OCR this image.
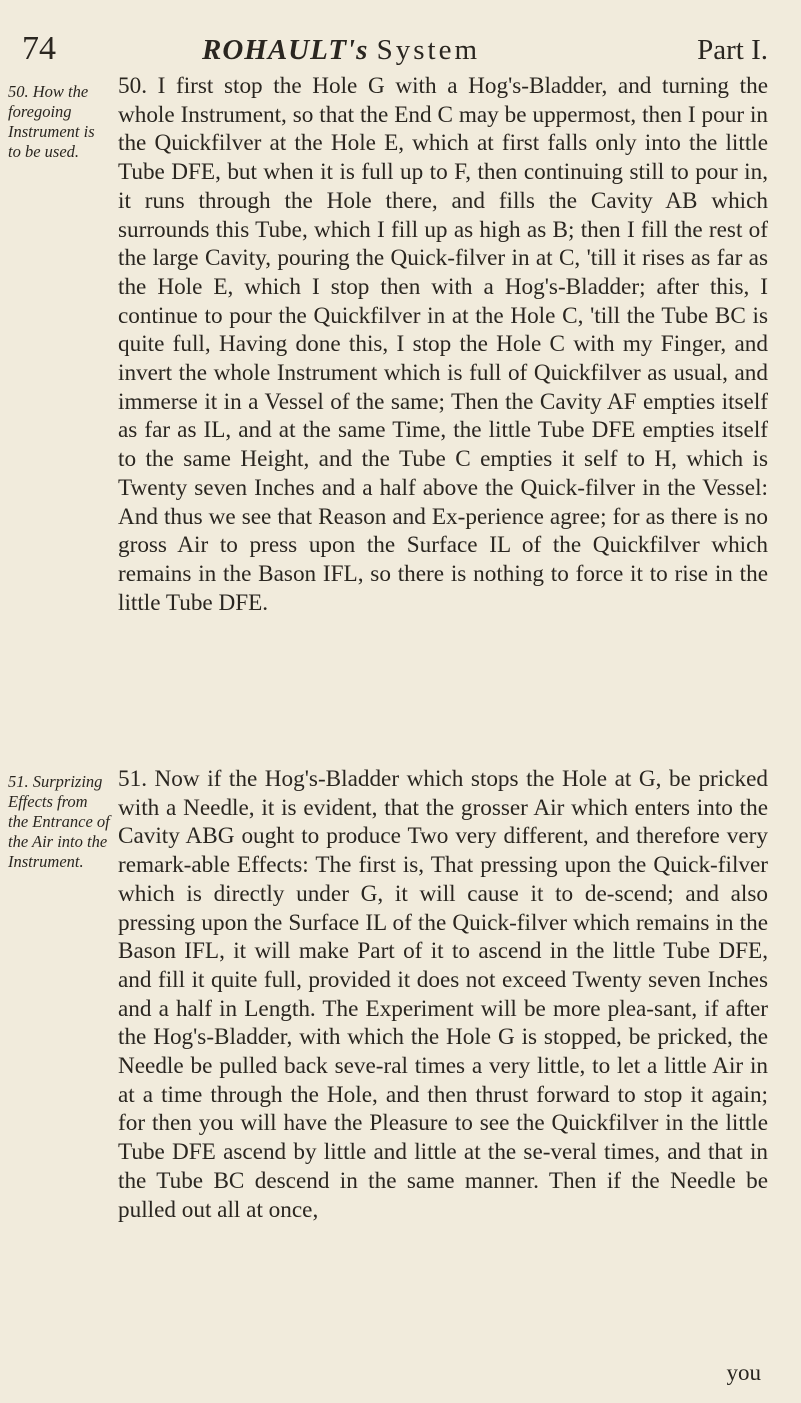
74	ROHAULT's System	Part I.
50. How the foregoing Instrument is to be used.
51. Surprizing Effects from the Entrance of the Air into the Instrument.
50. I first stop the Hole G with a Hog's-Bladder, and turning the whole Instrument, so that the End C may be uppermost, then I pour in the Quickfilver at the Hole E, which at first falls only into the little Tube DFE, but when it is full up to F, then continuing still to pour in, it runs through the Hole there, and fills the Cavity AB which surrounds this Tube, which I fill up as high as B; then I fill the rest of the large Cavity, pouring the Quick-filver in at C, 'till it rises as far as the Hole E, which I stop then with a Hog's-Bladder; after this, I continue to pour the Quickfilver in at the Hole C, 'till the Tube BC is quite full, Having done this, I stop the Hole C with my Finger, and invert the whole Instrument which is full of Quickfilver as usual, and immerse it in a Vessel of the same; Then the Cavity AF empties itself as far as IL, and at the same Time, the little Tube DFE empties itself to the same Height, and the Tube C empties it self to H, which is Twenty seven Inches and a half above the Quick-filver in the Vessel: And thus we see that Reason and Ex-perience agree; for as there is no gross Air to press upon the Surface IL of the Quickfilver which remains in the Bason IFL, so there is nothing to force it to rise in the little Tube DFE.
51. Now if the Hog's-Bladder which stops the Hole at G, be pricked with a Needle, it is evident, that the grosser Air which enters into the Cavity ABG ought to produce Two very different, and therefore very remark-able Effects: The first is, That pressing upon the Quick-filver which is directly under G, it will cause it to de-scend; and also pressing upon the Surface IL of the Quick-filver which remains in the Bason IFL, it will make Part of it to ascend in the little Tube DFE, and fill it quite full, provided it does not exceed Twenty seven Inches and a half in Length. The Experiment will be more plea-sant, if after the Hog's-Bladder, with which the Hole G is stopped, be pricked, the Needle be pulled back seve-ral times a very little, to let a little Air in at a time through the Hole, and then thrust forward to stop it again; for then you will have the Pleasure to see the Quickfilver in the little Tube DFE ascend by little and little at the se-veral times, and that in the Tube BC descend in the same manner. Then if the Needle be pulled out all at once,
you
